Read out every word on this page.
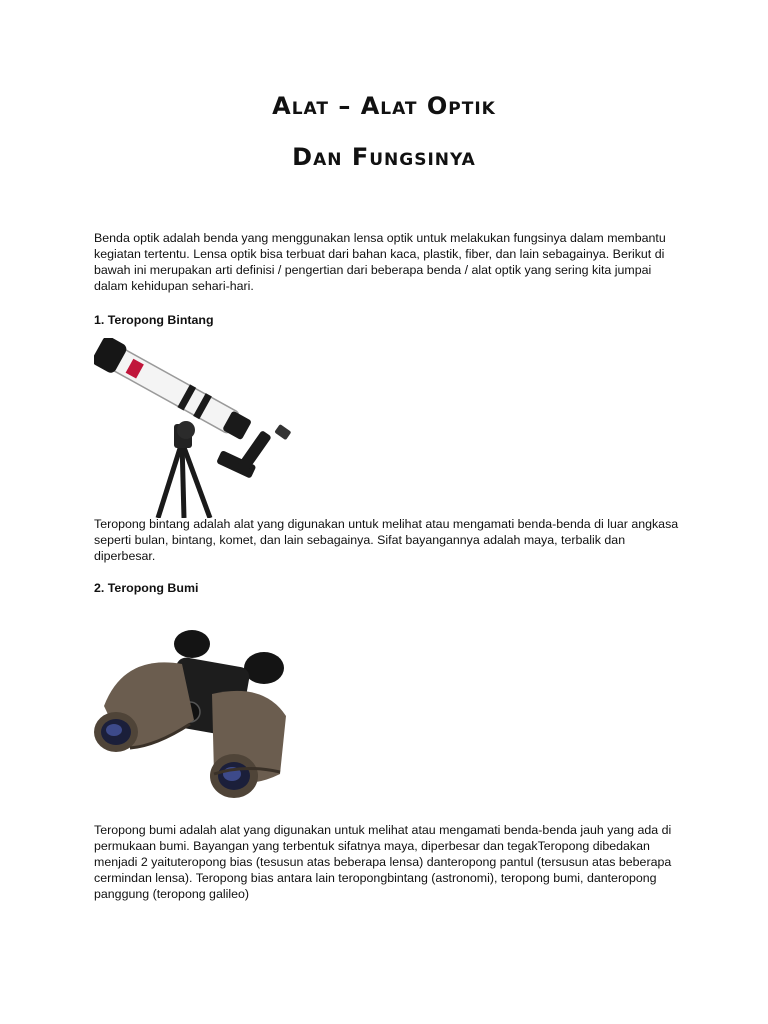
Alat – Alat Optik
Dan Fungsinya

Benda optik adalah benda yang menggunakan lensa optik untuk melakukan fungsinya dalam membantu kegiatan tertentu. Lensa optik bisa terbuat dari bahan kaca, plastik, fiber, dan lain sebagainya. Berikut di bawah ini merupakan arti definisi / pengertian dari beberapa benda / alat optik yang sering kita jumpai dalam kehidupan sehari-hari.

1. Teropong Bintang

Teropong bintang adalah alat yang digunakan untuk melihat atau mengamati benda-benda di luar angkasa seperti bulan, bintang, komet, dan lain sebagainya. Sifat bayangannya adalah maya, terbalik dan diperbesar.

2. Teropong Bumi

Teropong bumi adalah alat yang digunakan untuk melihat atau mengamati benda-benda jauh yang ada di permukaan bumi. Bayangan yang terbentuk sifatnya maya, diperbesar dan tegakTeropong dibedakan menjadi 2 yaituteropong bias (tesusun atas beberapa lensa) danteropong pantul (tersusun atas beberapa cermindan lensa). Teropong bias antara lain teropongbintang (astronomi), teropong bumi, danteropong panggung (teropong galileo)
